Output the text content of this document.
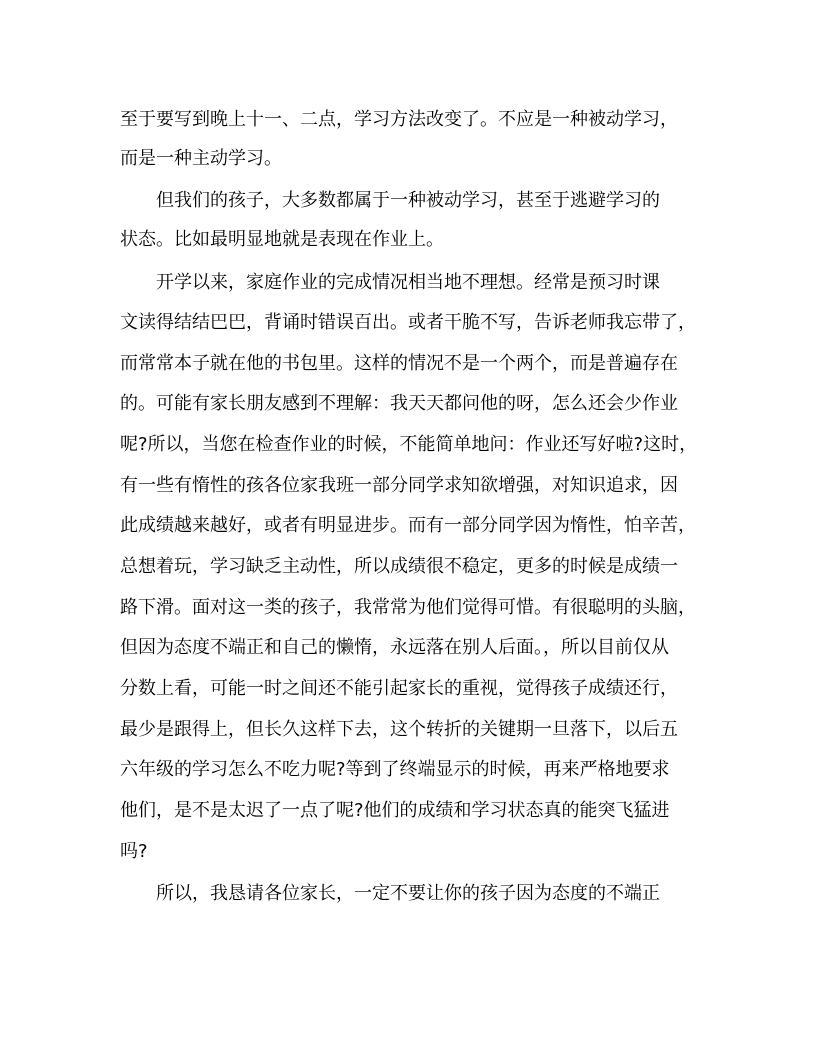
至于要写到晚上十一、二点，学习方法改变了。不应是一种被动学习，
而是一种主动学习。
但我们的孩子，大多数都属于一种被动学习，甚至于逃避学习的
状态。比如最明显地就是表现在作业上。
开学以来，家庭作业的完成情况相当地不理想。经常是预习时课
文读得结结巴巴，背诵时错误百出。或者干脆不写，告诉老师我忘带了，
而常常本子就在他的书包里。这样的情况不是一个两个，而是普遍存在
的。可能有家长朋友感到不理解：我天天都问他的呀，怎么还会少作业
呢?所以，当您在检查作业的时候，不能简单地问：作业还写好啦?这时，
有一些有惰性的孩各位家我班一部分同学求知欲增强，对知识追求，因
此成绩越来越好，或者有明显进步。而有一部分同学因为惰性，怕辛苦，
总想着玩，学习缺乏主动性，所以成绩很不稳定，更多的时候是成绩一
路下滑。面对这一类的孩子，我常常为他们觉得可惜。有很聪明的头脑，
但因为态度不端正和自己的懒惰，永远落在别人后面。，所以目前仅从
分数上看，可能一时之间还不能引起家长的重视，觉得孩子成绩还行，
最少是跟得上，但长久这样下去，这个转折的关键期一旦落下，以后五
六年级的学习怎么不吃力呢?等到了终端显示的时候，再来严格地要求
他们，是不是太迟了一点了呢?他们的成绩和学习状态真的能突飞猛进
吗?
所以，我恳请各位家长，一定不要让你的孩子因为态度的不端正
